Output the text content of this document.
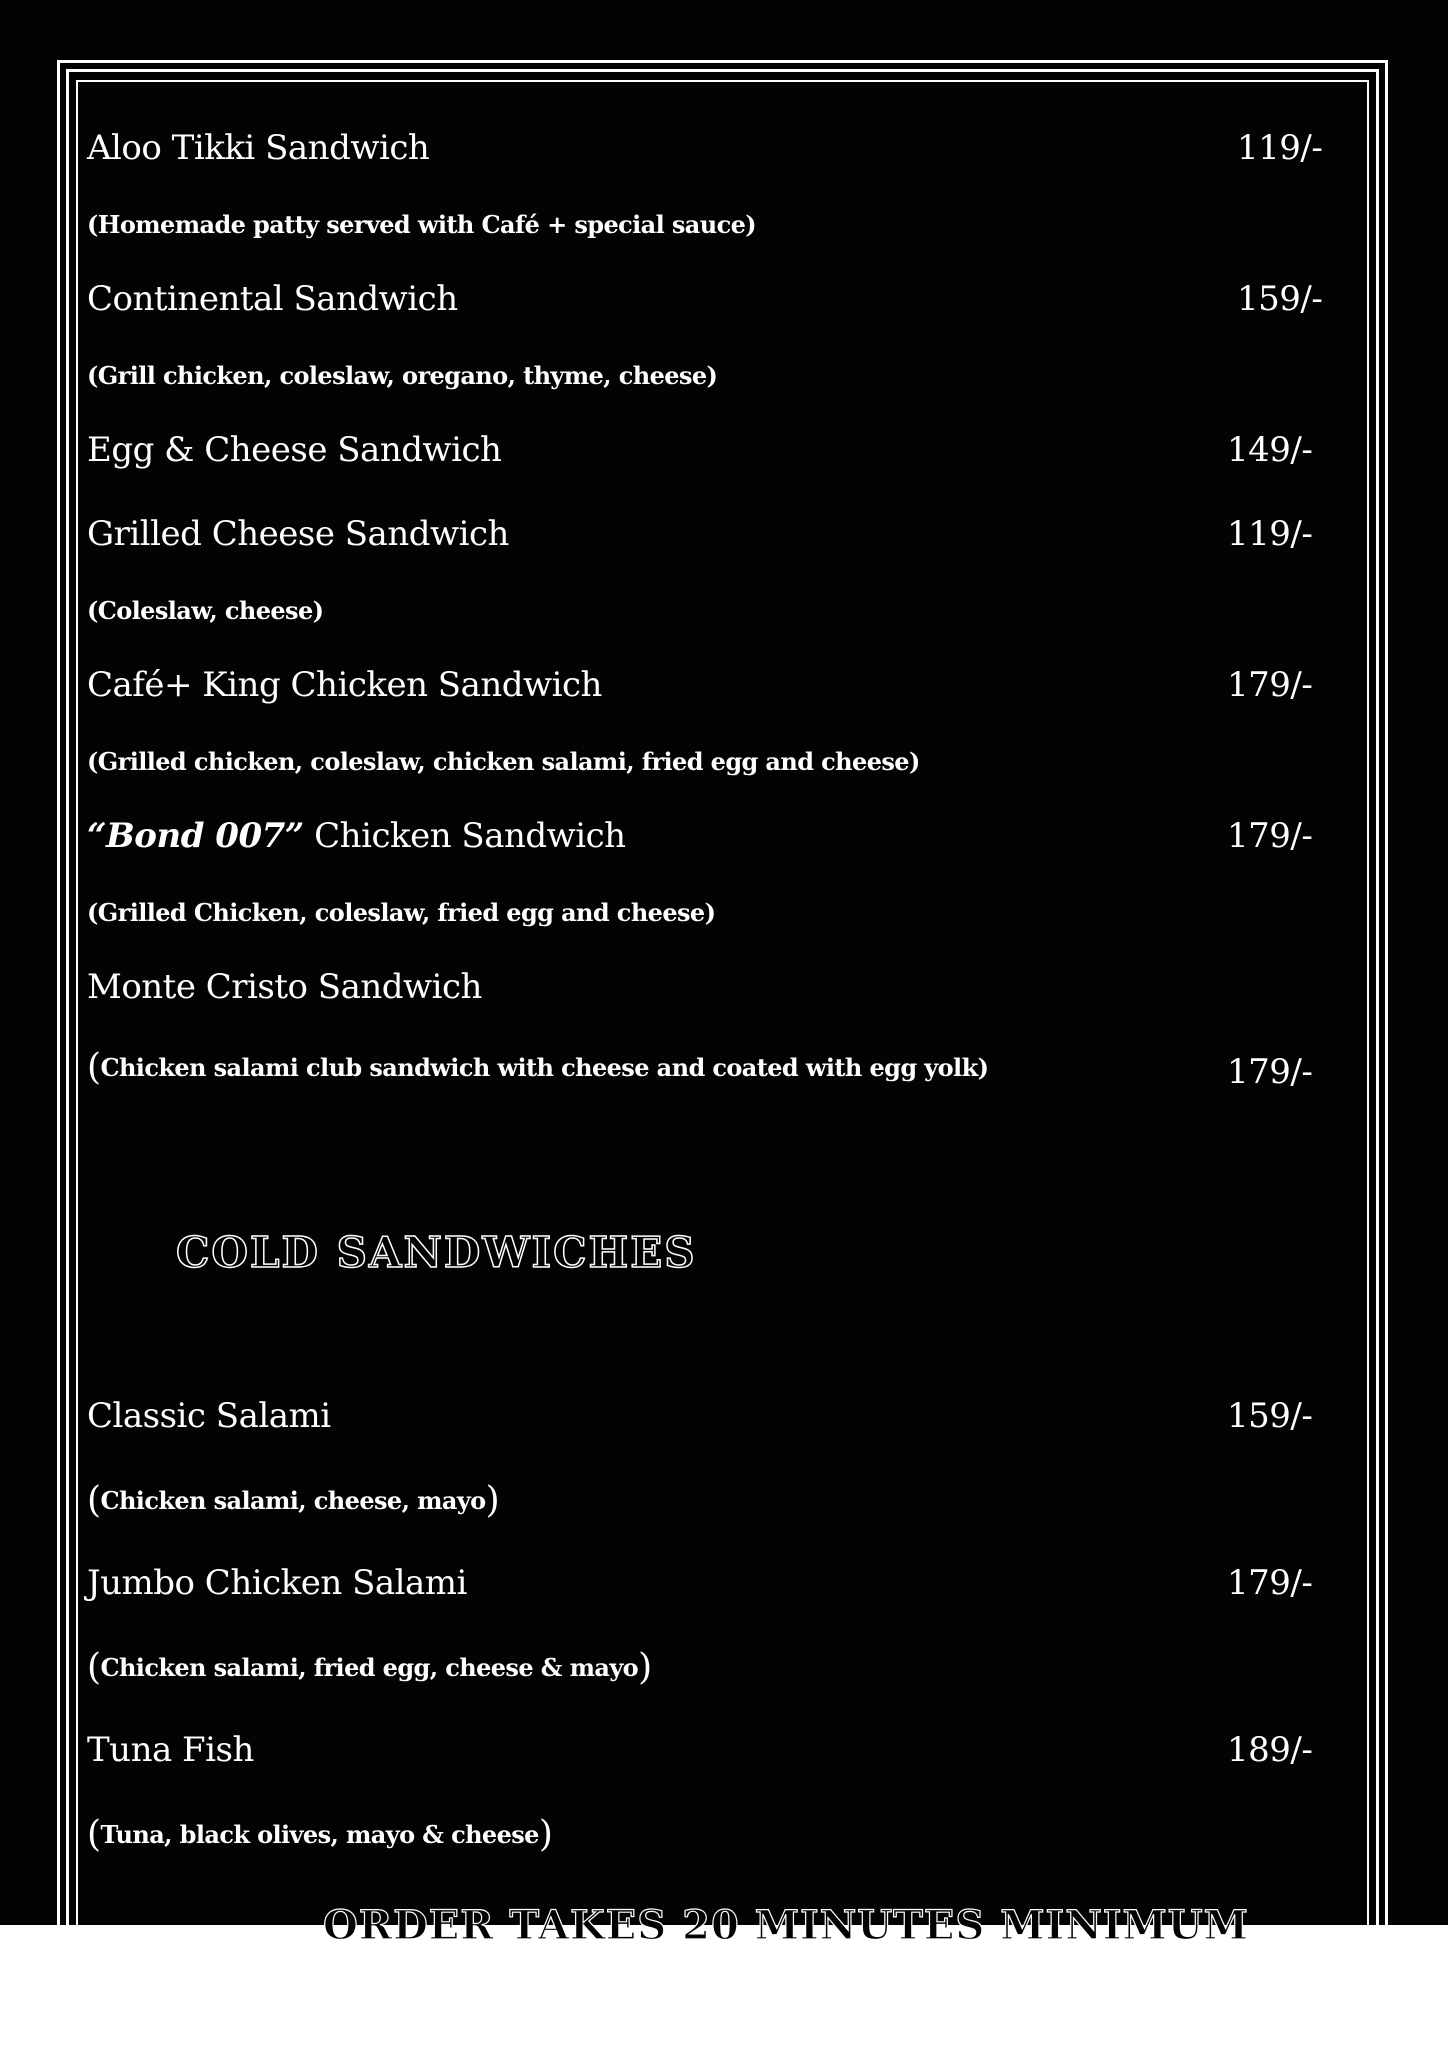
Aloo Tikki Sandwich	119/-
(Homemade patty served with Café + special sauce)
Continental Sandwich	159/-
(Grill chicken, coleslaw, oregano, thyme, cheese)
Egg & Cheese Sandwich	149/-
Grilled Cheese Sandwich	119/-
(Coleslaw, cheese)
Café+ King Chicken Sandwich	179/-
(Grilled chicken, coleslaw, chicken salami, fried egg and cheese)
“Bond 007” Chicken Sandwich	179/-
(Grilled Chicken, coleslaw, fried egg and cheese)
Monte Cristo Sandwich
(Chicken salami club sandwich with cheese and coated with egg yolk)	179/-
COLD SANDWICHES
Classic Salami	159/-
(Chicken salami, cheese, mayo)
Jumbo Chicken Salami	179/-
(Chicken salami, fried egg, cheese & mayo)
Tuna Fish	189/-
(Tuna, black olives, mayo & cheese)
ORDER TAKES 20 MINUTES MINIMUM
